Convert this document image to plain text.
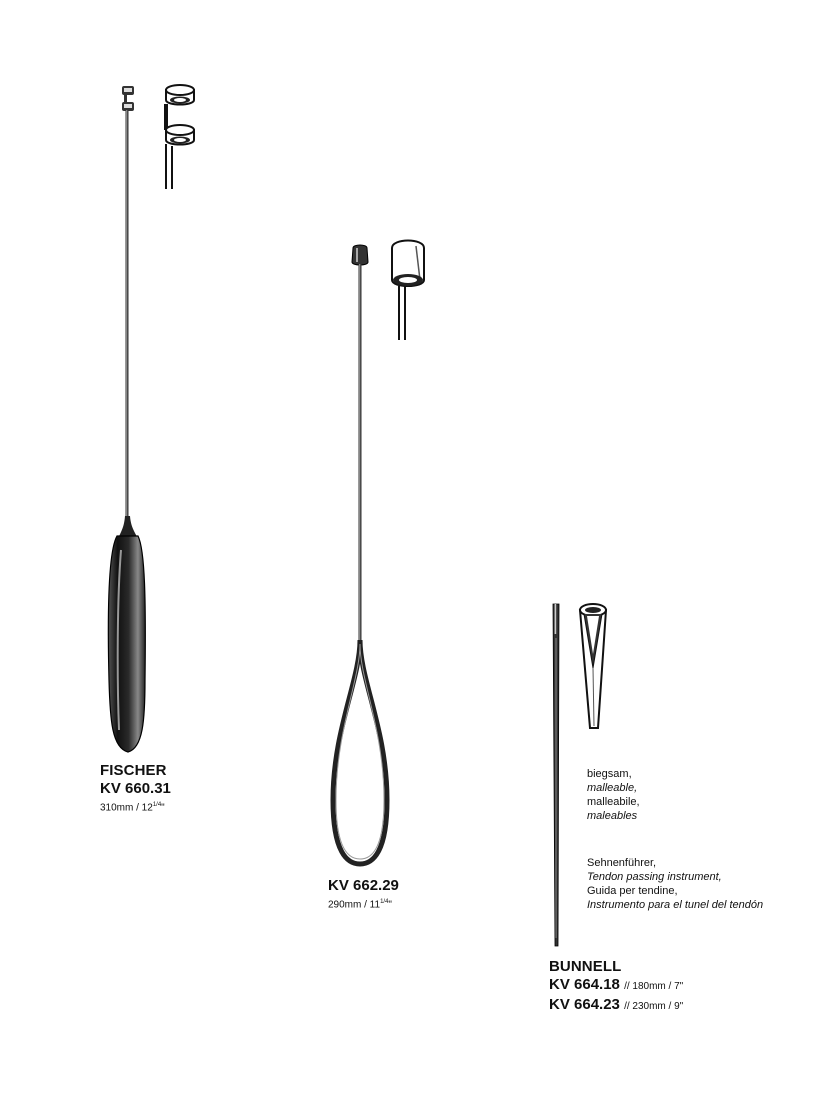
FISCHER
KV 660.31
$310mm / 12^{1/4}$"
KV 662.29
$290mm / 11^{1/4}$"
biegsam,
malleable,
malleabile,
maleables
Sehnenführer,
Tendon passing instrument,
Guida per tendine,
Instrumento para el tunel del tendón
BUNNELL
KV 664.18 // 180mm / 7"
KV 664.23 // 230mm / 9"
